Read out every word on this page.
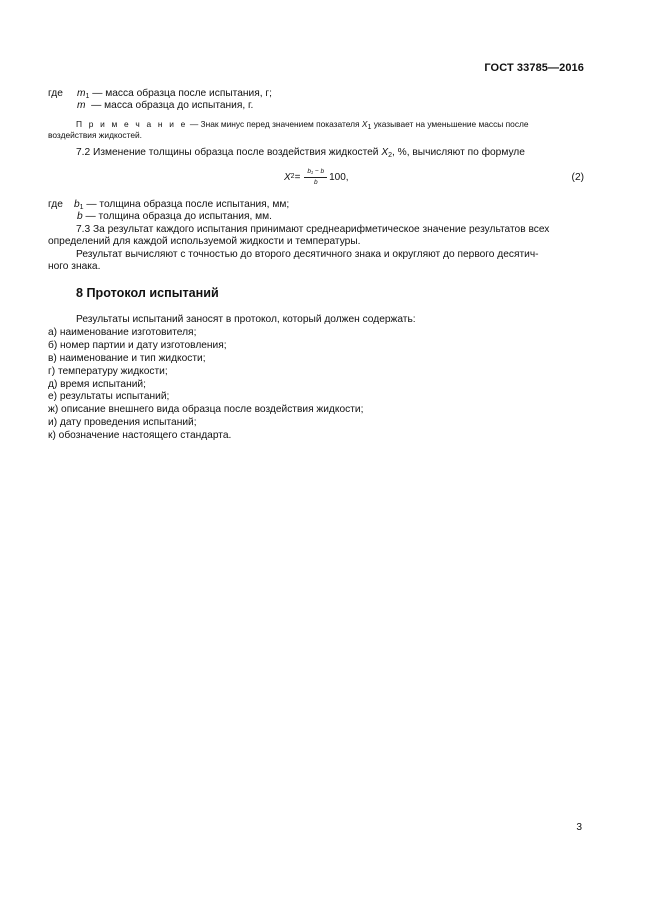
ГОСТ 33785—2016
где $m_1$ — масса образца после испытания, г;
m  — масса образца до испытания, г.
П р и м е ч а н и е — Знак минус перед значением показателя $X_1$ указывает на уменьшение массы после
воздействия жидкостей.
7.2 Изменение толщины образца после воздействия жидкостей $X_2$, %, вычисляют по формуле
X $2 = \frac{\text{b₁ − b}}{b} 100$,	(2)
где $b_1$ — толщина образца после испытания, мм;
b — толщина образца до испытания, мм.
7.3 За результат каждого испытания принимают среднеарифметическое значение результатов всех
определений для каждой используемой жидкости и температуры.
Результат вычисляют с точностью до второго десятичного знака и округляют до первого десятич-
ного знака.
8 Протокол испытаний
Результаты испытаний заносят в протокол, который должен содержать:
а) наименование изготовителя;
б) номер партии и дату изготовления;
в) наименование и тип жидкости;
г) температуру жидкости;
д) время испытаний;
е) результаты испытаний;
ж) описание внешнего вида образца после воздействия жидкости;
и) дату проведения испытаний;
к) обозначение настоящего стандарта.
3
